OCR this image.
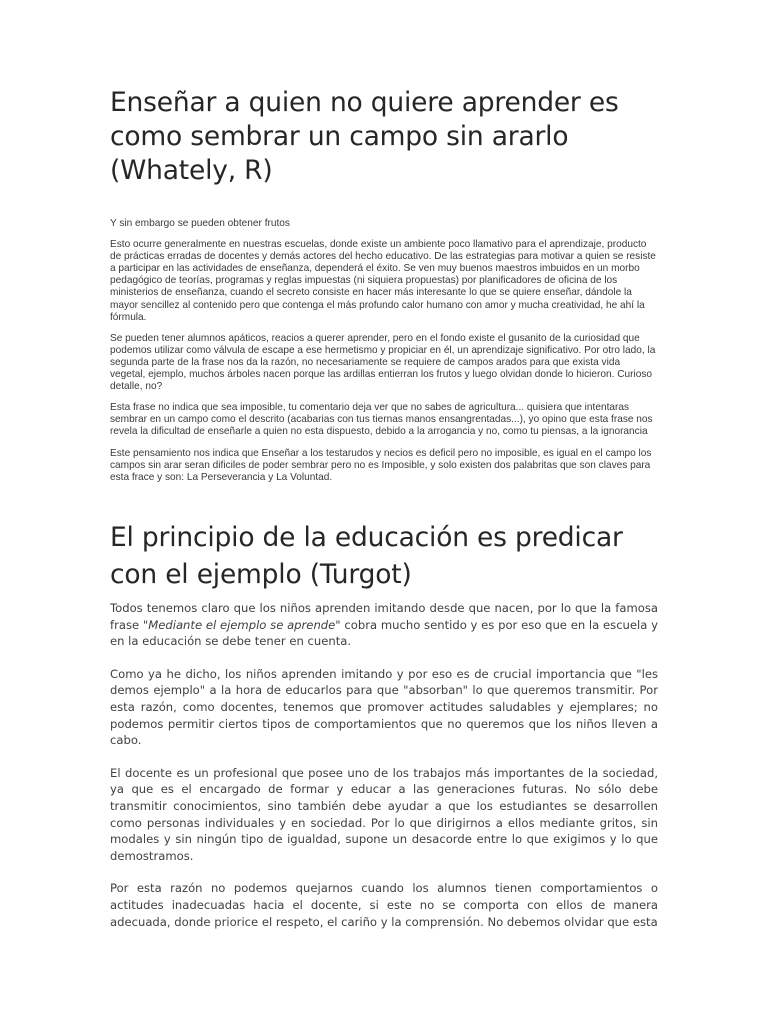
Enseñar a quien no quiere aprender es como sembrar un campo sin ararlo (Whately, R)

Y sin embargo se pueden obtener frutos

Esto ocurre generalmente en nuestras escuelas, donde existe un ambiente poco llamativo para el aprendizaje, producto de prácticas erradas de docentes y demás actores del hecho educativo. De las estrategias para motivar a quien se resiste a participar en las actividades de enseñanza, dependerá el éxito. Se ven muy buenos maestros imbuidos en un morbo pedagógico de teorías, programas y reglas impuestas (ni siquiera propuestas) por planificadores de oficina de los ministerios de enseñanza, cuando el secreto consiste en hacer más interesante lo que se quiere enseñar, dándole la mayor sencillez al contenido pero que contenga el más profundo calor humano con amor y mucha creatividad, he ahí la fórmula.

Se pueden tener alumnos apáticos, reacios a querer aprender, pero en el fondo existe el gusanito de la curiosidad que podemos utilizar como válvula de escape a ese hermetismo y propiciar en él, un aprendizaje significativo. Por otro lado, la segunda parte de la frase nos da la razón, no necesariamente se requiere de campos arados para que exista vida vegetal, ejemplo, muchos árboles nacen porque las ardillas entierran los frutos y luego olvidan donde lo hicieron. Curioso detalle, no?

Esta frase no indica que sea imposible, tu comentario deja ver que no sabes de agricultura... quisiera que intentaras sembrar en un campo como el descrito (acabarias con tus tiernas manos ensangrentadas...), yo opino que esta frase nos revela la dificultad de enseñarle a quien no esta dispuesto, debido a la arrogancia y no, como tu piensas, a la ignorancia

Este pensamiento nos indica que Enseñar a los testarudos y necios es deficil pero no imposible, es igual en el campo los campos sin arar seran dificiles de poder sembrar pero no es Imposible, y solo existen dos palabritas que son claves para esta frace y son: La Perseverancia y La Voluntad.

El principio de la educación es predicar con el ejemplo (Turgot)

Todos tenemos claro que los niños aprenden imitando desde que nacen, por lo que la famosa frase "Mediante el ejemplo se aprende" cobra mucho sentido y es por eso que en la escuela y en la educación se debe tener en cuenta.

Como ya he dicho, los niños aprenden imitando y por eso es de crucial importancia que "les demos ejemplo" a la hora de educarlos para que "absorban" lo que queremos transmitir. Por esta razón, como docentes, tenemos que promover actitudes saludables y ejemplares; no podemos permitir ciertos tipos de comportamientos que no queremos que los niños lleven a cabo.

El docente es un profesional que posee uno de los trabajos más importantes de la sociedad, ya que es el encargado de formar y educar a las generaciones futuras. No sólo debe transmitir conocimientos, sino también debe ayudar a que los estudiantes se desarrollen como personas individuales y en sociedad. Por lo que dirigirnos a ellos mediante gritos, sin modales y sin ningún tipo de igualdad, supone un desacorde entre lo que exigimos y lo que demostramos.

Por esta razón no podemos quejarnos cuando los alumnos tienen comportamientos o actitudes inadecuadas hacia el docente, si este no se comporta con ellos de manera adecuada, donde priorice el respeto, el cariño y la comprensión. No debemos olvidar que esta
